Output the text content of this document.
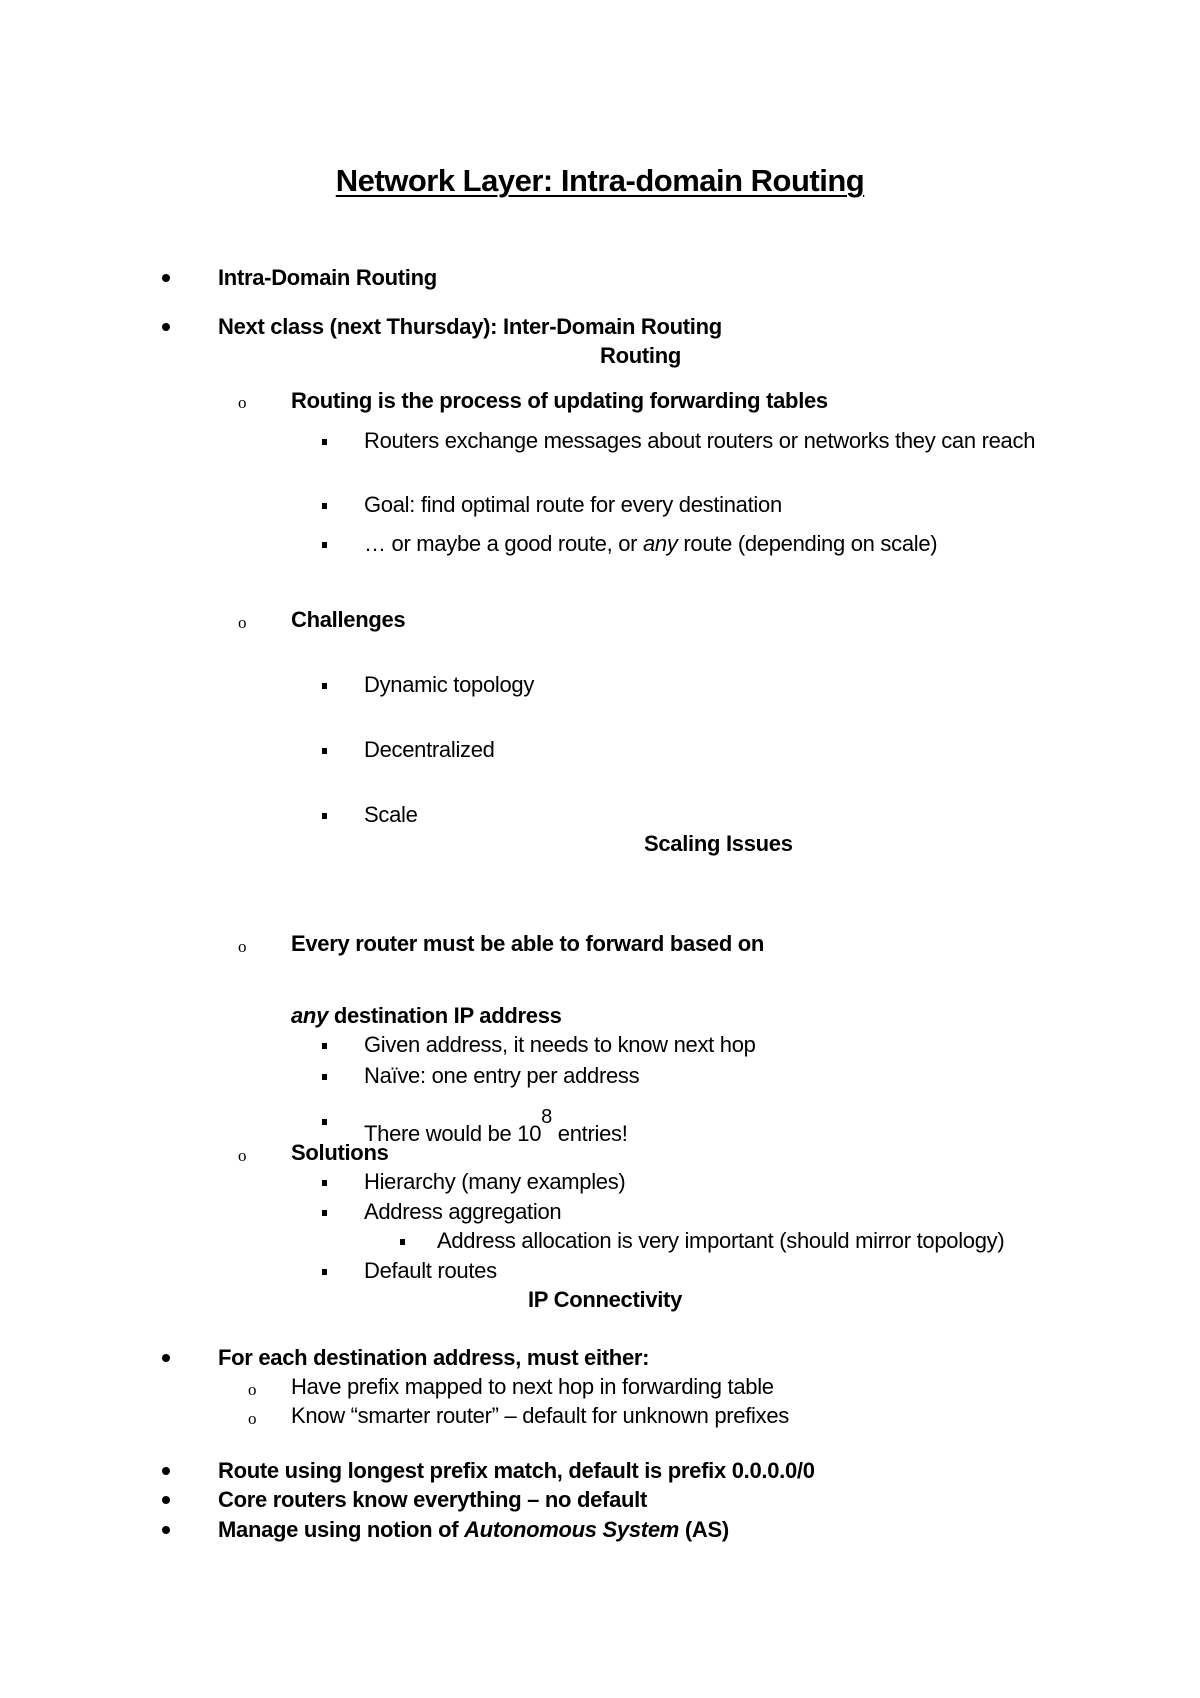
Network Layer: Intra-domain Routing
Intra-Domain Routing
Next class (next Thursday): Inter-Domain Routing
Routing
o Routing is the process of updating forwarding tables
Routers exchange messages about routers or networks they can reach
Goal: find optimal route for every destination
… or maybe a good route, or any route (depending on scale)
o Challenges
Dynamic topology
Decentralized
Scale
Scaling Issues
o Every router must be able to forward based on
any destination IP address
Given address, it needs to know next hop
Naïve: one entry per address
There would be $10^8$ entries!
o Solutions
Hierarchy (many examples)
Address aggregation
Address allocation is very important (should mirror topology)
Default routes
IP Connectivity
For each destination address, must either:
o Have prefix mapped to next hop in forwarding table
o Know “smarter router” – default for unknown prefixes
Route using longest prefix match, default is prefix 0.0.0.0/0
Core routers know everything – no default
Manage using notion of Autonomous System (AS)
